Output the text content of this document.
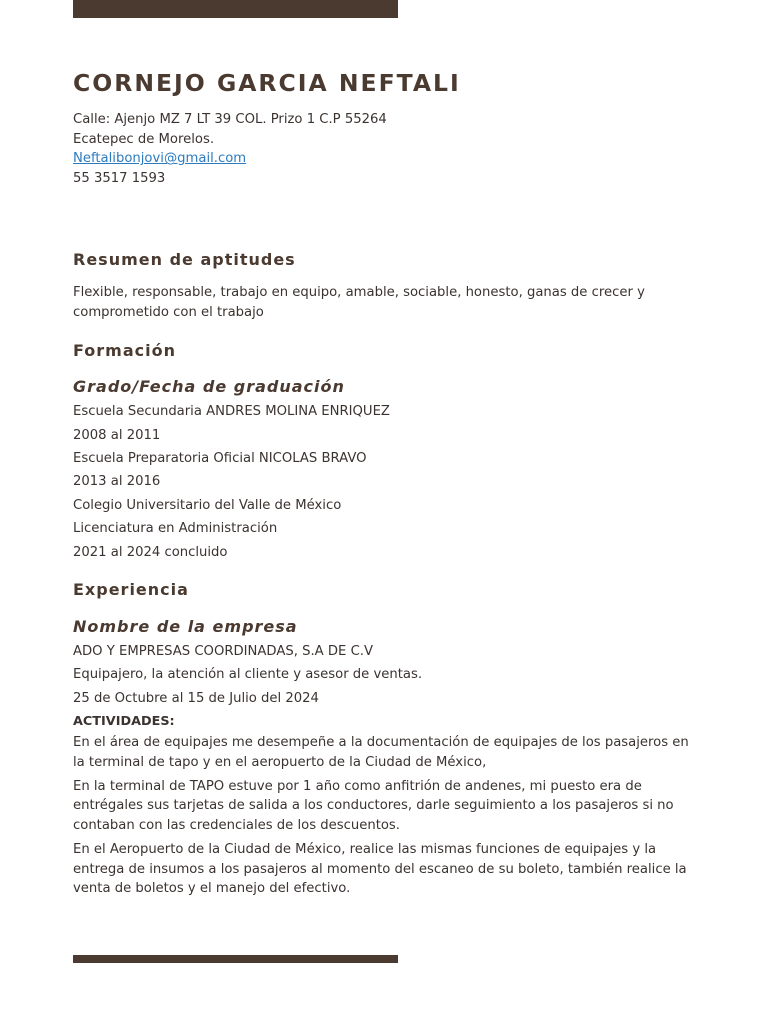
CORNEJO GARCIA NEFTALI
Calle: Ajenjo MZ 7 LT 39 COL. Prizo 1 C.P 55264
Ecatepec de Morelos.
Neftalibonjovi@gmail.com
55 3517 1593
Resumen de aptitudes
Flexible, responsable, trabajo en equipo, amable, sociable, honesto, ganas de crecer y comprometido con el trabajo
Formación
Grado/Fecha de graduación
Escuela Secundaria ANDRES MOLINA ENRIQUEZ
2008 al 2011
Escuela Preparatoria Oficial NICOLAS BRAVO
2013 al 2016
Colegio Universitario del Valle de México
Licenciatura en Administración
2021 al 2024 concluido
Experiencia
Nombre de la empresa
ADO Y EMPRESAS COORDINADAS, S.A DE C.V
Equipajero, la atención al cliente y asesor de ventas.
25 de Octubre al 15 de Julio del 2024
ACTIVIDADES:
En el área de equipajes me desempeñe a la documentación de equipajes de los pasajeros en la terminal de tapo y en el aeropuerto de la Ciudad de México,
En la terminal de TAPO estuve por 1 año como anfitrión de andenes, mi puesto era de entrégales sus tarjetas de salida a los conductores, darle seguimiento a los pasajeros si no contaban con las credenciales de los descuentos.
En el Aeropuerto de la Ciudad de México, realice las mismas funciones de equipajes y la entrega de insumos a los pasajeros al momento del escaneo de su boleto, también realice la venta de boletos y el manejo del efectivo.
